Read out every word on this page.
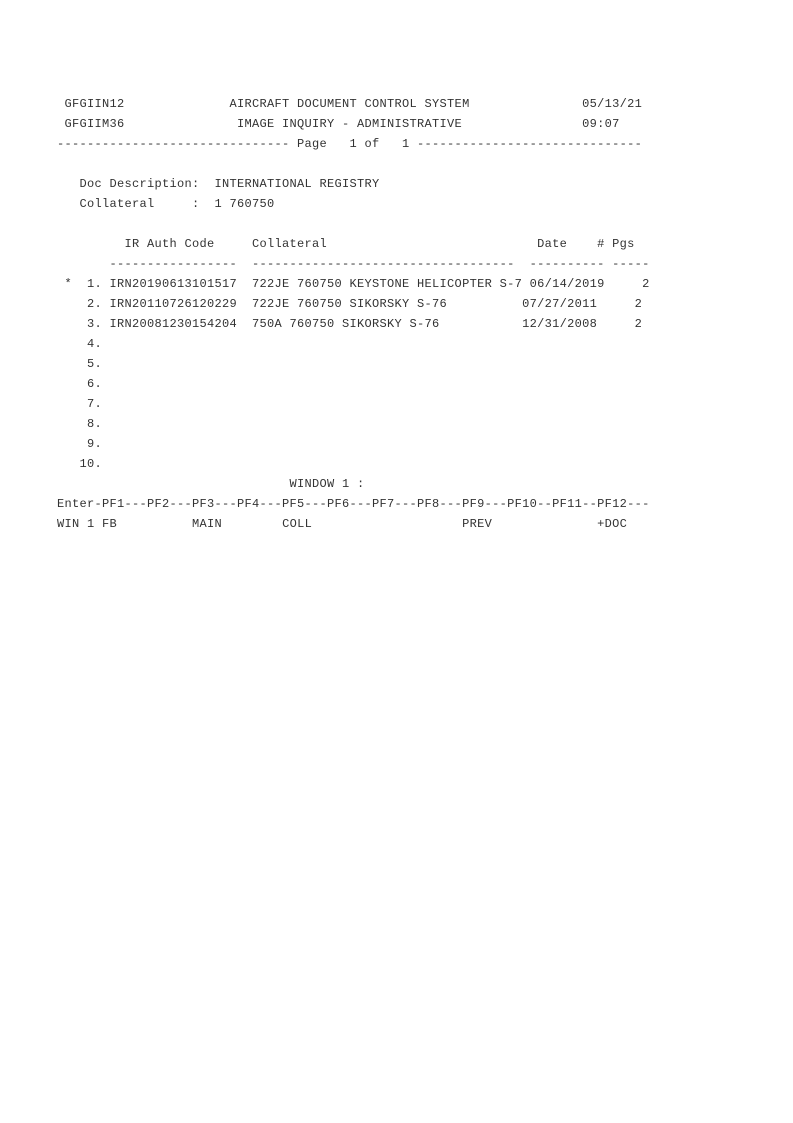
GFGIIN12              AIRCRAFT DOCUMENT CONTROL SYSTEM               05/13/21
GFGIIM36               IMAGE INQUIRY - ADMINISTRATIVE                09:07
------------------------------- Page   1 of   1 ------------------------------
Doc Description:  INTERNATIONAL REGISTRY
Collateral     :  1 760750
IR Auth Code     Collateral                            Date    # Pgs
-----------------  -----------------------------------  ---------- -----
*  1. IRN20190613101517  722JE 760750 KEYSTONE HELICOPTER S-7 06/14/2019     2
2. IRN20110726120229  722JE 760750 SIKORSKY S-76          07/27/2011     2
3. IRN20081230154204  750A 760750 SIKORSKY S-76           12/31/2008     2
4.
5.
6.
7.
8.
9.
10.
WINDOW 1 :
Enter-PF1---PF2---PF3---PF4---PF5---PF6---PF7---PF8---PF9---PF10--PF11--PF12---
WIN 1 FB	MAIN	COLL	PREV	+DOC
